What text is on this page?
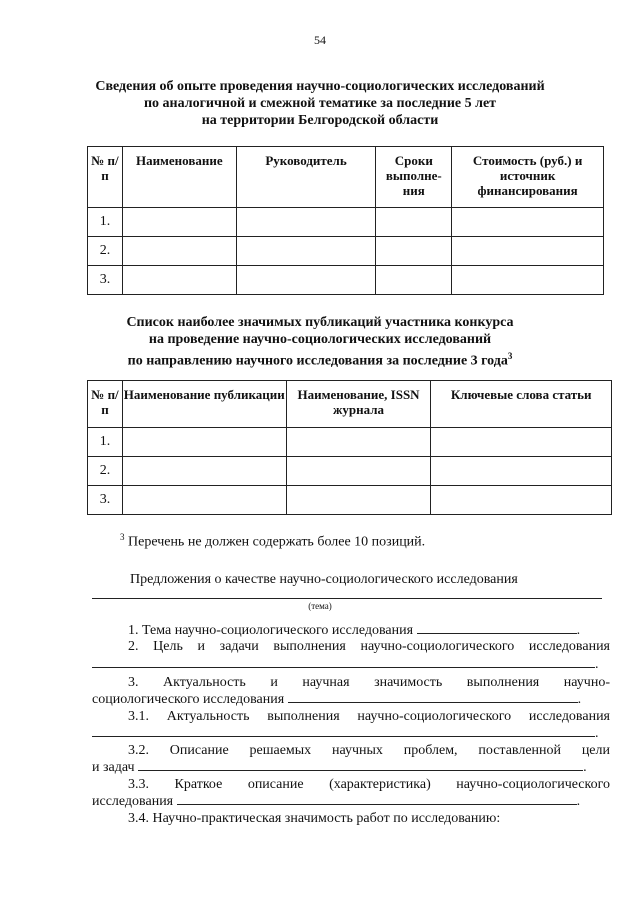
54
Сведения об опыте проведения научно-социологических исследований
по аналогичной и смежной тематике за последние 5 лет
на территории Белгородской области
№ п/п	Наименование	Руководитель	Сроки выполне- ния	Стоимость (руб.) и источник финансирования
1.				
2.				
3.				
Список наиболее значимых публикаций участника конкурса
на проведение научно-социологических исследований
по направлению научного исследования за последние 3 года$^3$
№ п/п	Наименование публикации	Наименование, ISSN журнала	Ключевые слова статьи
1.			
2.			
3.			
$^3$ Перечень не должен содержать более 10 позиций.
Предложения о качестве научно-социологического исследования
(тема)
1. Тема научно-социологического исследования	.
2. Цель и задачи выполнения научно-социологического исследования
.
3. Актуальность и научная значимость выполнения научно-
социологического исследования	.
3.1. Актуальность выполнения научно-социологического исследования
.
3.2. Описание решаемых научных проблем, поставленной цели
и задач	.
3.3. Краткое описание (характеристика) научно-социологического
исследования	.
3.4. Научно-практическая значимость работ по исследованию:
